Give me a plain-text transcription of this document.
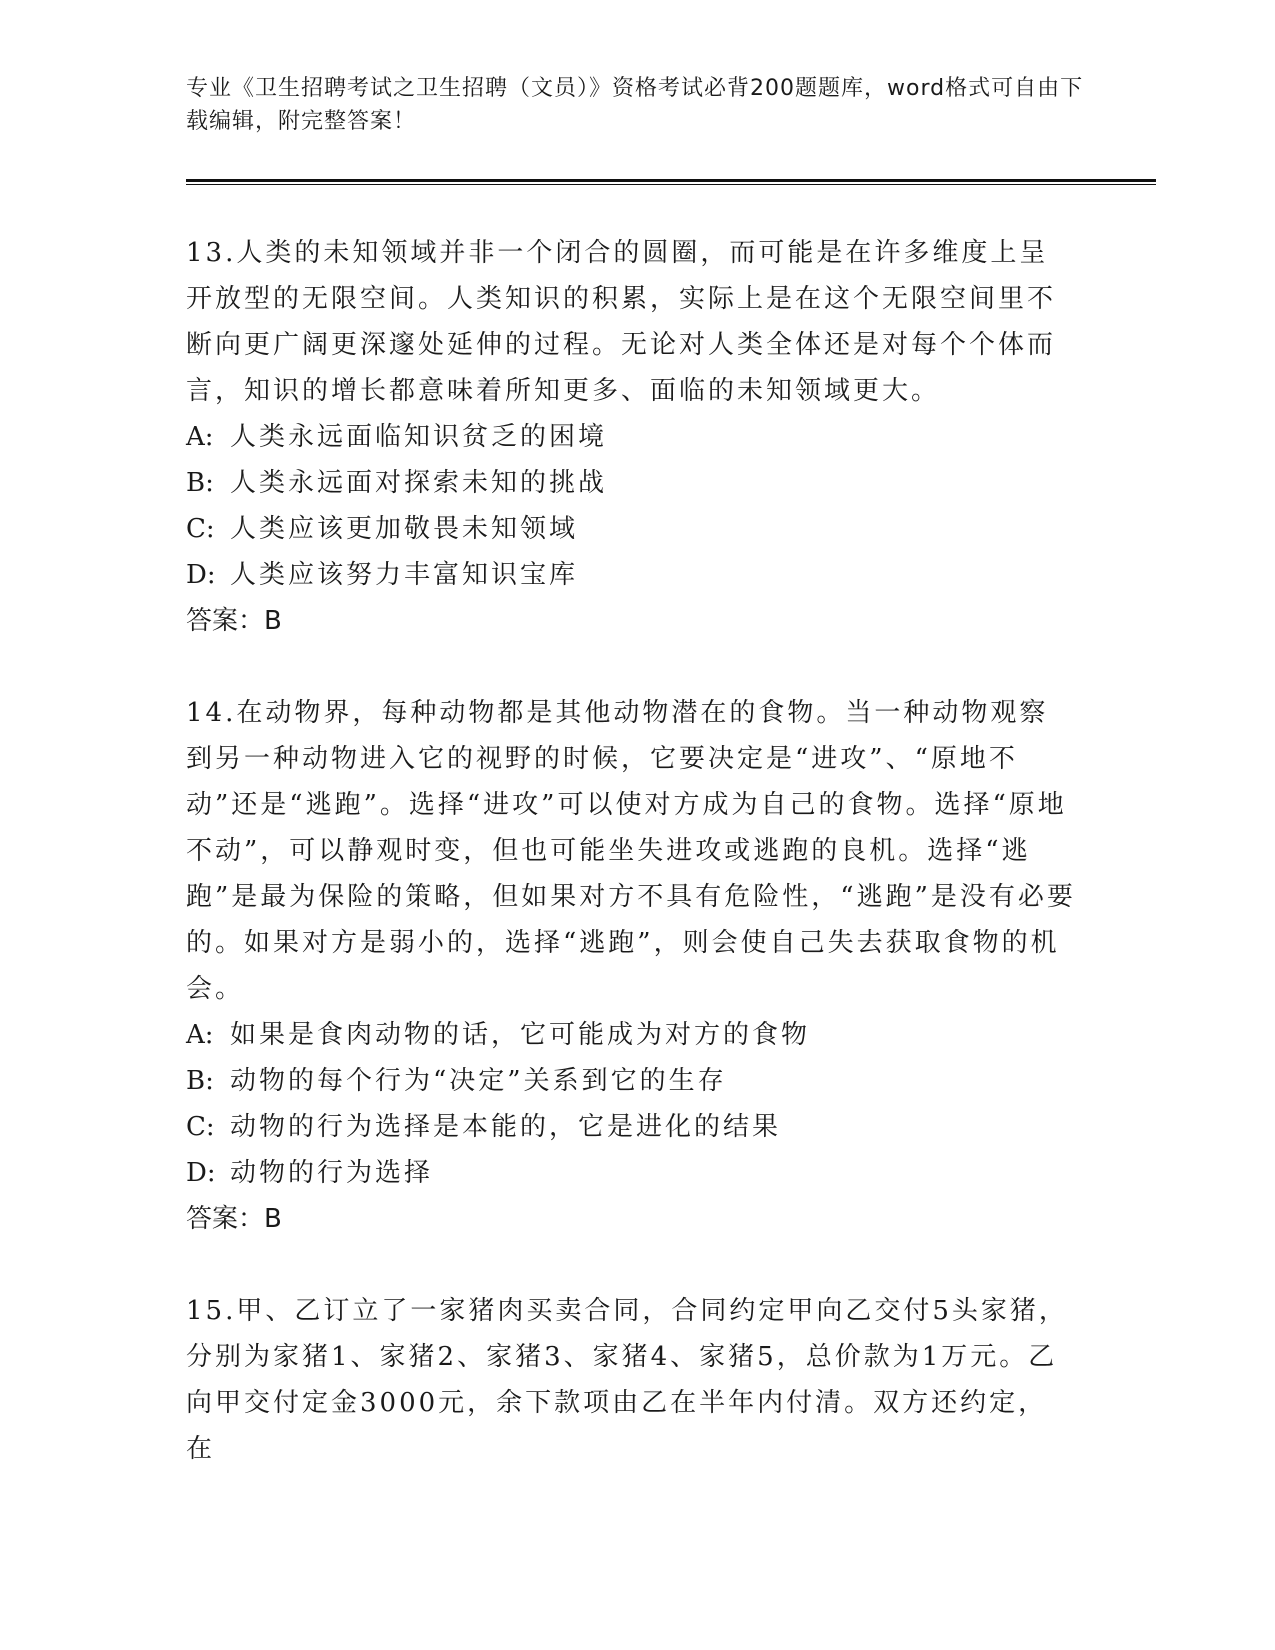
专业《卫生招聘考试之卫生招聘（文员）》资格考试必背200题题库，word格式可自由下载编辑，附完整答案！

13.人类的未知领域并非一个闭合的圆圈，而可能是在许多维度上呈开放型的无限空间。人类知识的积累，实际上是在这个无限空间里不断向更广阔更深邃处延伸的过程。无论对人类全体还是对每个个体而言，知识的增长都意味着所知更多、面临的未知领域更大。

A: 人类永远面临知识贫乏的困境

B: 人类永远面对探索未知的挑战

C: 人类应该更加敬畏未知领域

D: 人类应该努力丰富知识宝库

答案：B

14.在动物界，每种动物都是其他动物潜在的食物。当一种动物观察到另一种动物进入它的视野的时候，它要决定是“进攻”、“原地不动”还是“逃跑”。选择“进攻”可以使对方成为自己的食物。选择“原地不动”，可以静观时变，但也可能坐失进攻或逃跑的良机。选择“逃跑”是最为保险的策略，但如果对方不具有危险性，“逃跑”是没有必要的。如果对方是弱小的，选择“逃跑”，则会使自己失去获取食物的机会。

A: 如果是食肉动物的话，它可能成为对方的食物

B: 动物的每个行为“决定”关系到它的生存

C: 动物的行为选择是本能的，它是进化的结果

D: 动物的行为选择

答案：B

15.甲、乙订立了一家猪肉买卖合同，合同约定甲向乙交付5头家猪，分别为家猪1、家猪2、家猪3、家猪4、家猪5，总价款为1万元。乙向甲交付定金3000元，余下款项由乙在半年内付清。双方还约定，在
